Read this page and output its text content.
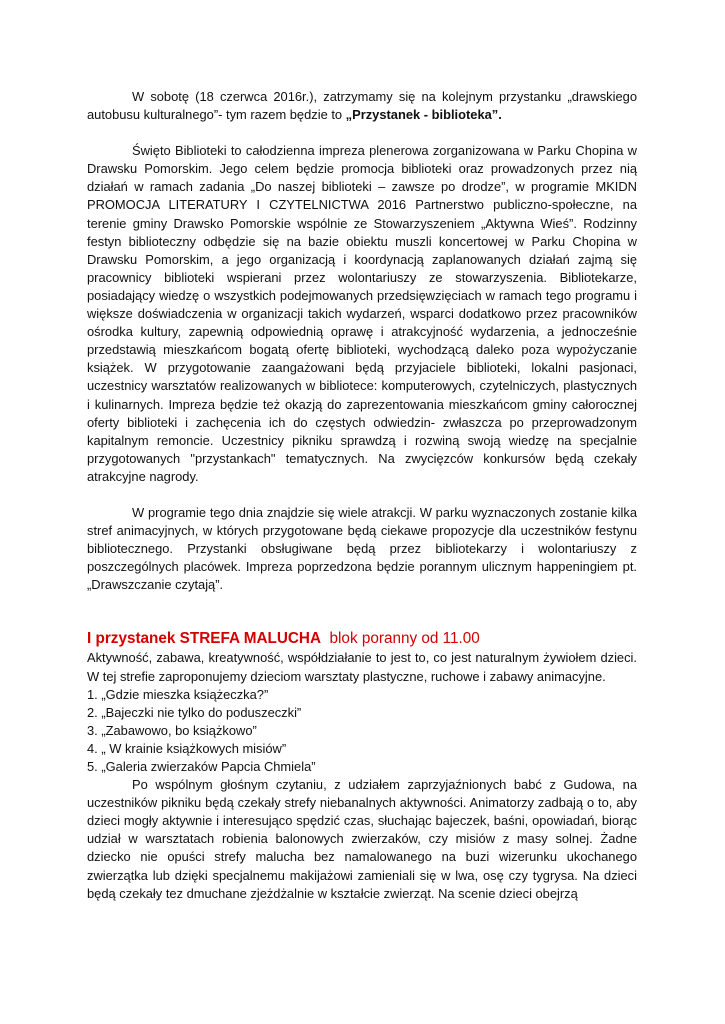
W sobotę (18 czerwca 2016r.), zatrzymamy się na kolejnym przystanku „drawskiego autobusu kulturalnego”- tym razem będzie to „Przystanek - biblioteka”.

Święto Biblioteki to całodzienna impreza plenerowa zorganizowana w Parku Chopina w Drawsku Pomorskim. Jego celem będzie promocja biblioteki oraz prowadzonych przez nią działań w ramach zadania „Do naszej biblioteki – zawsze po drodze”, w programie MKIDN PROMOCJA LITERATURY I CZYTELNICTWA 2016 Partnerstwo publiczno-społeczne, na terenie gminy Drawsko Pomorskie wspólnie ze Stowarzyszeniem „Aktywna Wieś”. Rodzinny festyn biblioteczny odbędzie się na bazie obiektu muszli koncertowej w Parku Chopina w Drawsku Pomorskim, a jego organizacją i koordynacją zaplanowanych działań zajmą się pracownicy biblioteki wspierani przez wolontariuszy ze stowarzyszenia. Bibliotekarze, posiadający wiedzę o wszystkich podejmowanych przedsięwzięciach w ramach tego programu i większe doświadczenia w organizacji takich wydarzeń, wsparci dodatkowo przez pracowników ośrodka kultury, zapewnią odpowiednią oprawę i atrakcyjność wydarzenia, a jednocześnie przedstawią mieszkańcom bogatą ofertę biblioteki, wychodzącą daleko poza wypożyczanie książek. W przygotowanie zaangażowani będą przyjaciele biblioteki, lokalni pasjonaci, uczestnicy warsztatów realizowanych w bibliotece: komputerowych, czytelniczych, plastycznych i kulinarnych. Impreza będzie też okazją do zaprezentowania mieszkańcom gminy całorocznej oferty biblioteki i zachęcenia ich do częstych odwiedzin- zwłaszcza po przeprowadzonym kapitalnym remoncie. Uczestnicy pikniku sprawdzą i rozwiną swoją wiedzę na specjalnie przygotowanych "przystankach" tematycznych. Na zwycięzców konkursów będą czekały atrakcyjne nagrody.

W programie tego dnia znajdzie się wiele atrakcji. W parku wyznaczonych zostanie kilka stref animacyjnych, w których przygotowane będą ciekawe propozycje dla uczestników festynu bibliotecznego. Przystanki obsługiwane będą przez bibliotekarzy i wolontariuszy z poszczególnych placówek. Impreza poprzedzona będzie porannym ulicznym happeningiem pt. „Drawszczanie czytają”.

I przystanek STREFA MALUCHA blok poranny od 11.00

Aktywność, zabawa, kreatywność, współdziałanie to jest to, co jest naturalnym żywiołem dzieci. W tej strefie zaproponujemy dzieciom warsztaty plastyczne, ruchowe i zabawy animacyjne.

1. „Gdzie mieszka książeczka?”

2. „Bajeczki nie tylko do poduszeczki”

3. „Zabawowo, bo książkowo”

4. „ W krainie książkowych misiów”

5. „Galeria zwierzaków Papcia Chmiela”

Po wspólnym głośnym czytaniu, z udziałem zaprzyjaźnionych babć z Gudowa, na uczestników pikniku będą czekały strefy niebanalnych aktywności. Animatorzy zadbają o to, aby dzieci mogły aktywnie i interesująco spędzić czas, słuchając bajeczek, baśni, opowiadań, biorąc udział w warsztatach robienia balonowych zwierzaków, czy misiów z masy solnej. Żadne dziecko nie opuści strefy malucha bez namalowanego na buzi wizerunku ukochanego zwierzątka lub dzięki specjalnemu makijażowi zamieniali się w lwa, osę czy tygrysa. Na dzieci będą czekały tez dmuchane zjeżdżalnie w kształcie zwierząt. Na scenie dzieci obejrzą
